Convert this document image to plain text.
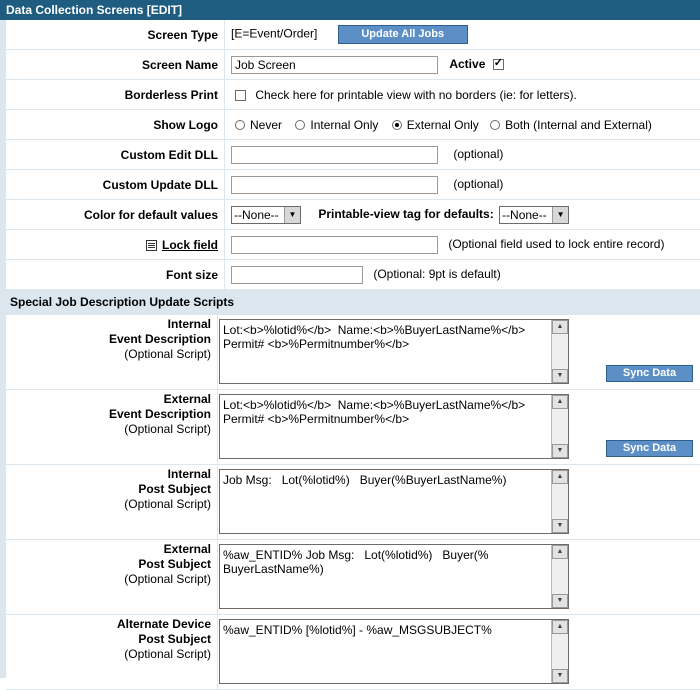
Data Collection Screens [EDIT]
Screen Type	[E=Event/Order] Update All Jobs
Screen Name	Job Screen Active ✓
Borderless Print	Check here for printable view with no borders (ie: for letters).
Show Logo	Never Internal Only External Only Both (Internal and External)
Custom Edit DLL	(optional)
Custom Update DLL	(optional)
Color for default values	--None-- ▼ Printable-view tag for defaults: --None-- ▼

Lock field	(Optional field used to lock entire record)
Font size	(Optional: 9pt is default)
Special Job Description Update Scripts	
Internal
Event Description
(Optional Script)
Lot:<b>%lotid%</b>  Name:<b>%BuyerLastName%</b>
Permit# <b>%Permitnumber%</b>
▲
▼	Sync Data
External
Event Description
(Optional Script)
Lot:<b>%lotid%</b>  Name:<b>%BuyerLastName%</b>
Permit# <b>%Permitnumber%</b>
▲
▼	Sync Data
Internal
Post Subject
(Optional Script)
Job Msg:   Lot(%lotid%)   Buyer(%BuyerLastName%)	▲
▼
External
Post Subject
(Optional Script)
%aw_ENTID% Job Msg:   Lot(%lotid%)   Buyer(%
BuyerLastName%)
▲
▼
Alternate Device
Post Subject
(Optional Script)
%aw_ENTID% [%lotid%] - %aw_MSGSUBJECT%	▲
▼
